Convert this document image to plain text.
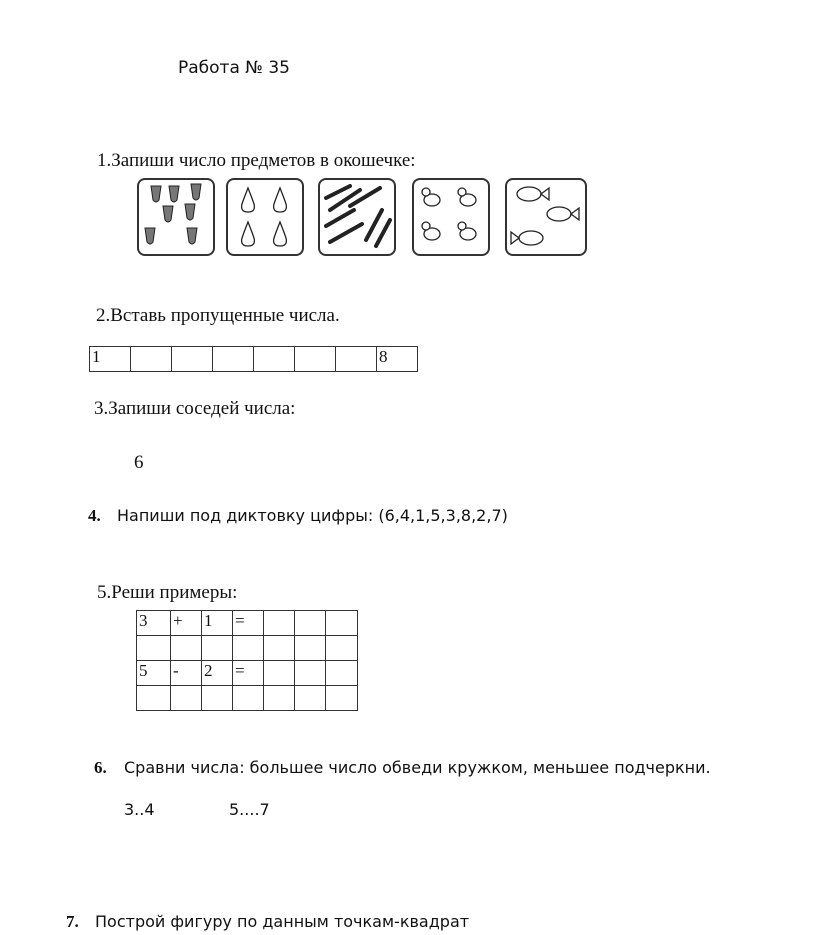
Работа № 35
1.Запиши число предметов в окошечке:
2.Вставь пропущенные числа.
1							8
3.Запиши соседей числа:
6
4. Напиши под диктовку цифры: (6,4,1,5,3,8,2,7)
5.Реши примеры:
3	+	1	=			

5	-	2	=			

6. Сравни числа: большее число обведи кружком, меньшее подчеркни.
3..4	5....7
7. Построй фигуру по данным точкам-квадрат
